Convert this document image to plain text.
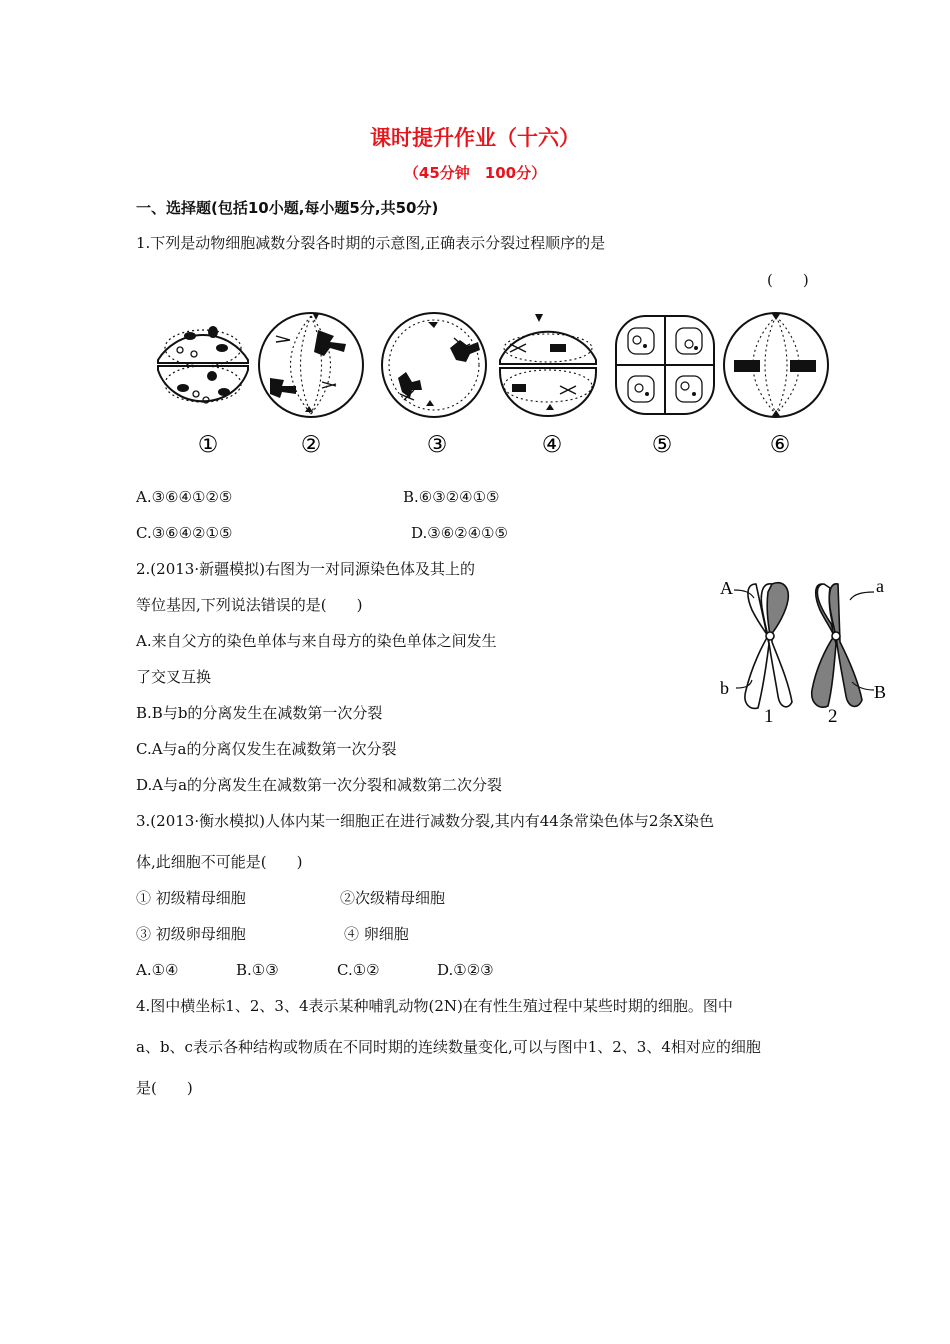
课时提升作业（十六）
（45分钟　100分）
一、选择题(包括10小题,每小题5分,共50分)
1.下列是动物细胞减数分裂各时期的示意图,正确表示分裂过程顺序的是
(　　)
①	②	③	④	⑤	⑥
A.③⑥④①②⑤	B.⑥③②④①⑤
C.③⑥④②①⑤	D.③⑥②④①⑤
2.(2013·新疆模拟)右图为一对同源染色体及其上的
等位基因,下列说法错误的是(　　)
A.来自父方的染色单体与来自母方的染色单体之间发生
了交叉互换
B.B与b的分离发生在减数第一次分裂
C.A与a的分离仅发生在减数第一次分裂
D.A与a的分离发生在减数第一次分裂和减数第二次分裂
A	a
b	B
1	2
3.(2013·衡水模拟)人体内某一细胞正在进行减数分裂,其内有44条常染色体与2条X染色
体,此细胞不可能是(　　)
① 初级精母细胞	②次级精母细胞
③ 初级卵母细胞	④ 卵细胞
A.①④	B.①③	C.①②	D.①②③
4.图中横坐标1、2、3、4表示某种哺乳动物(2N)在有性生殖过程中某些时期的细胞。图中
a、b、c表示各种结构或物质在不同时期的连续数量变化,可以与图中1、2、3、4相对应的细胞
是(　　)
